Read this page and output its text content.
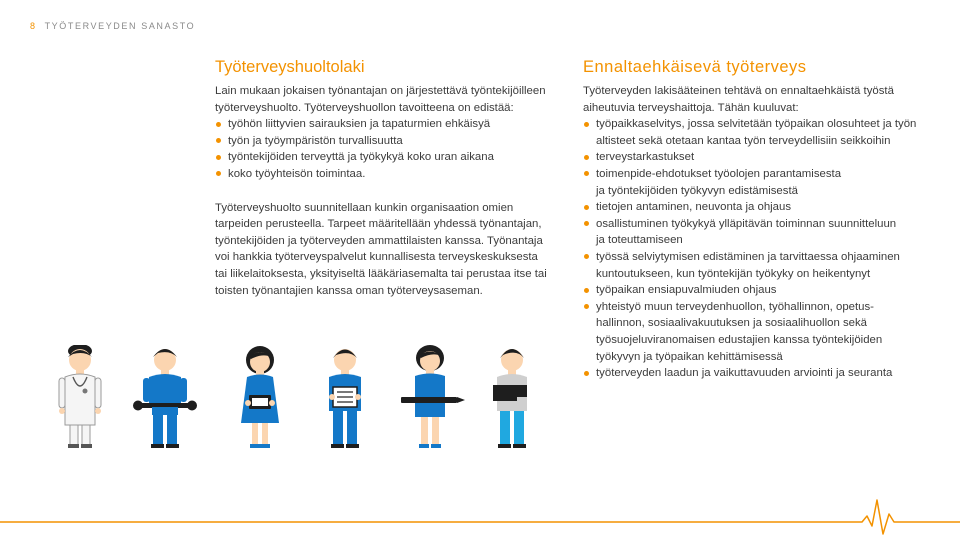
8 TYÖTERVEYDEN SANASTO
Työterveyshuoltolaki

Lain mukaan jokaisen työnantajan on järjestettävä työntekijöilleen
työterveyshuolto. Työterveyshuollon tavoitteena on edistää:

työhön liittyvien sairauksien ja tapaturmien ehkäisyä
työn ja työympäristön turvallisuutta
työntekijöiden terveyttä ja työkykyä koko uran aikana
koko työyhteisön toimintaa.

Työterveyshuolto suunnitellaan kunkin organisaation omien
tarpeiden perusteella. Tarpeet määritellään yhdessä työnantajan,
työntekijöiden ja työterveyden ammattilaisten kanssa. Työnantaja
voi hankkia työterveyspalvelut kunnallisesta terveyskeskuksesta
tai liikelaitoksesta, yksityiseltä lääkäriasemalta tai perustaa itse tai
toisten työnantajien kanssa oman työterveysaseman.

Ennaltaehkäisevä työterveys

Työterveyden lakisääteinen tehtävä on ennaltaehkäistä työstä
aiheutuvia terveyshaittoja. Tähän kuuluvat:

työpaikkaselvitys, jossa selvitetään työpaikan olosuhteet ja työn
altisteet sekä otetaan kantaa työn terveydellisiin seikkoihin
terveystarkastukset
toimenpide-ehdotukset työolojen parantamisesta
ja työntekijöiden työkyvyn edistämisestä
tietojen antaminen, neuvonta ja ohjaus
osallistuminen työkykyä ylläpitävän toiminnan suunnitteluun
ja toteuttamiseen
työssä selviytymisen edistäminen ja tarvittaessa ohjaaminen
kuntoutukseen, kun työntekijän työkyky on heikentynyt
työpaikan ensiapuvalmiuden ohjaus
yhteistyö muun terveydenhuollon, työhallinnon, opetus-
hallinnon, sosiaalivakuutuksen ja sosiaalihuollon sekä
työsuojeluviranomaisen edustajien kanssa työntekijöiden
työkyvyn ja työpaikan kehittämisessä
työterveyden laadun ja vaikuttavuuden arviointi ja seuranta
